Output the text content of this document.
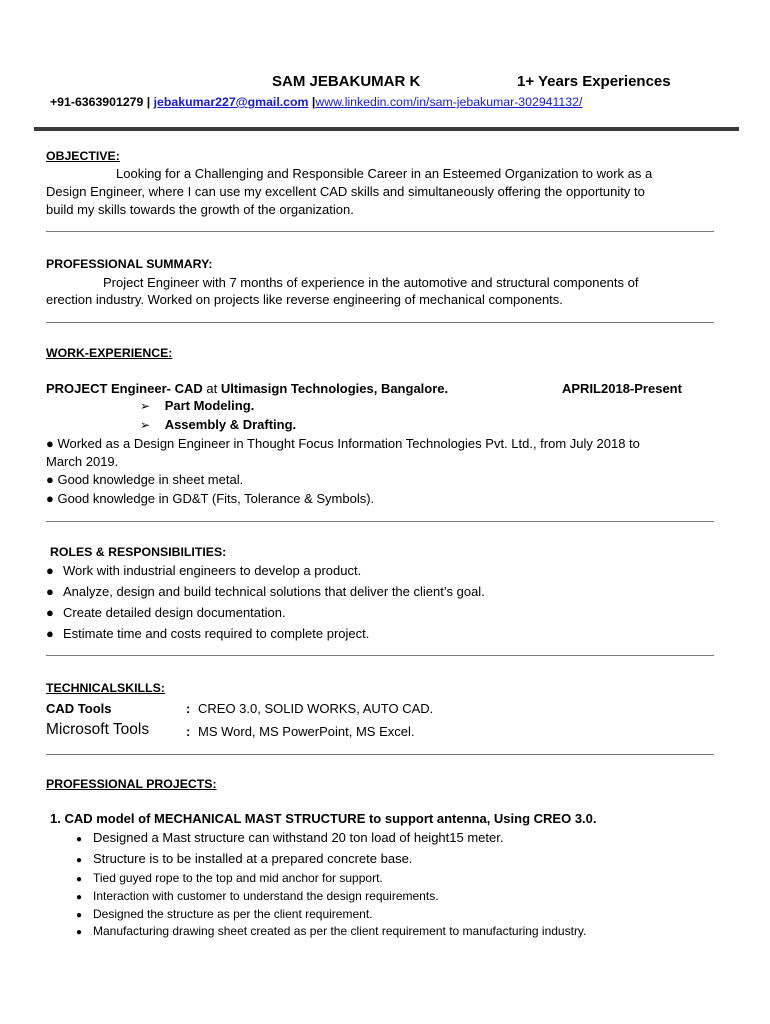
SAM JEBAKUMAR K	1+ Years Experiences
+91-6363901279 | jebakumar227@gmail.com |www.linkedin.com/in/sam-jebakumar-302941132/
OBJECTIVE:
Looking for a Challenging and Responsible Career in an Esteemed Organization to work as a
Design Engineer, where I can use my excellent CAD skills and simultaneously offering the opportunity to
build my skills towards the growth of the organization.
PROFESSIONAL SUMMARY:
Project Engineer with 7 months of experience in the automotive and structural components of
erection industry. Worked on projects like reverse engineering of mechanical components.
WORK-EXPERIENCE:
PROJECT Engineer- CAD at Ultimasign Technologies, Bangalore.	APRIL2018-Present
➢ Part Modeling.
➢ Assembly & Drafting.
● Worked as a Design Engineer in Thought Focus Information Technologies Pvt. Ltd., from July 2018 to
March 2019.
● Good knowledge in sheet metal.
● Good knowledge in GD&T (Fits, Tolerance & Symbols).
ROLES & RESPONSIBILITIES:
● Work with industrial engineers to develop a product.
● Analyze, design and build technical solutions that deliver the client’s goal.
● Create detailed design documentation.
● Estimate time and costs required to complete project.
TECHNICALSKILLS:
CAD Tools	: CREO 3.0, SOLID WORKS, AUTO CAD.
Microsoft Tools	: MS Word, MS PowerPoint, MS Excel.
PROFESSIONAL PROJECTS:
1. CAD model of MECHANICAL MAST STRUCTURE to support antenna, Using CREO 3.0.
● Designed a Mast structure can withstand 20 ton load of height15 meter.
● Structure is to be installed at a prepared concrete base.
● Tied guyed rope to the top and mid anchor for support.
● Interaction with customer to understand the design requirements.
● Designed the structure as per the client requirement.
● Manufacturing drawing sheet created as per the client requirement to manufacturing industry.
